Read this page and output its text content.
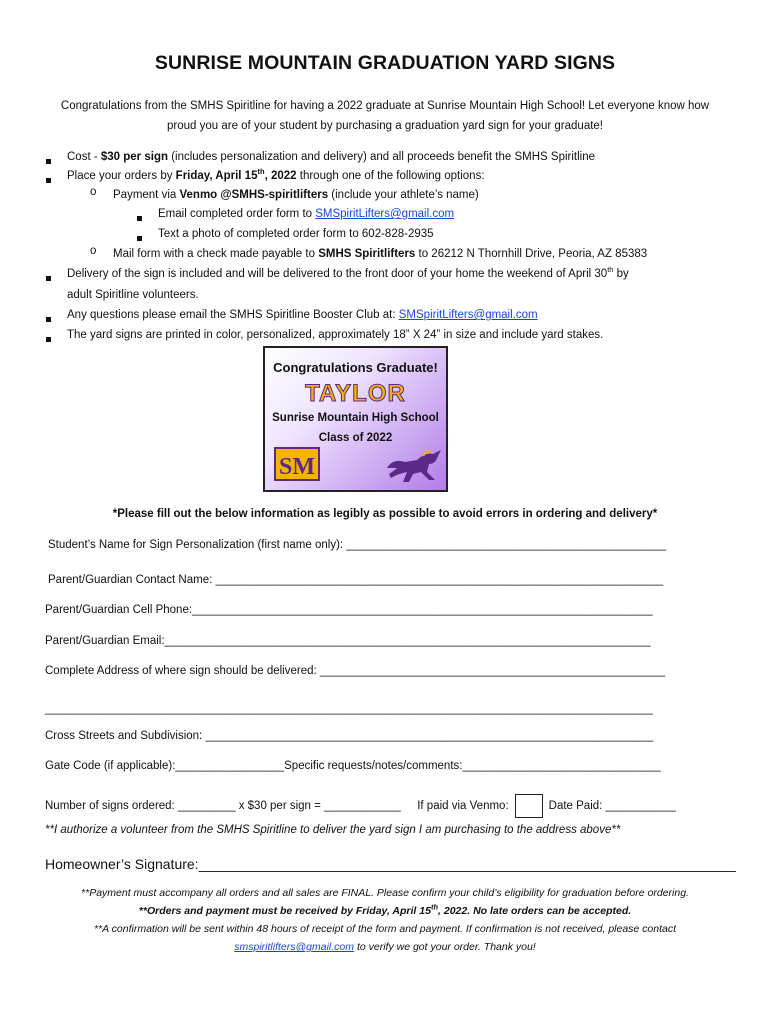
SUNRISE MOUNTAIN GRADUATION YARD SIGNS
Congratulations from the SMHS Spiritline for having a 2022 graduate at Sunrise Mountain High School! Let everyone know how proud you are of your student by purchasing a graduation yard sign for your graduate!
Cost - $30 per sign (includes personalization and delivery) and all proceeds benefit the SMHS Spiritline
Place your orders by Friday, April 15th, 2022 through one of the following options:
o Payment via Venmo @SMHS-spiritlifters (include your athlete’s name)
Email completed order form to SMSpiritLifters@gmail.com
Text a photo of completed order form to 602-828-2935
o Mail form with a check made payable to SMHS Spiritlifters to 26212 N Thornhill Drive, Peoria, AZ 85383
Delivery of the sign is included and will be delivered to the front door of your home the weekend of April 30th by
adult Spiritline volunteers.
Any questions please email the SMHS Spiritline Booster Club at: SMSpiritLifters@gmail.com
The yard signs are printed in color, personalized, approximately 18” X 24” in size and include yard stakes.
Congratulations Graduate!
TAYLOR
Sunrise Mountain High School
Class of 2022
SM
*Please fill out the below information as legibly as possible to avoid errors in ordering and delivery*
Student’s Name for Sign Personalization (first name only): __________________________________________________
Parent/Guardian Contact Name: ______________________________________________________________________
Parent/Guardian Cell Phone:________________________________________________________________________
Parent/Guardian Email:____________________________________________________________________________
Complete Address of where sign should be delivered: ______________________________________________________
_______________________________________________________________________________________________
Cross Streets and Subdivision: ______________________________________________________________________
Gate Code (if applicable):_________________Specific requests/notes/comments:_______________________________
Number of signs ordered: _________ x $30 per sign = ____________ If paid via Venmo:	Date Paid: ___________
**I authorize a volunteer from the SMHS Spiritline to deliver the yard sign I am purchasing to the address above**
Homeowner’s Signature:_____________________________________________________________________
**Payment must accompany all orders and all sales are FINAL. Please confirm your child’s eligibility for graduation before ordering.
**Orders and payment must be received by Friday, April 15th, 2022. No late orders can be accepted.
**A confirmation will be sent within 48 hours of receipt of the form and payment. If confirmation is not received, please contact
smspiritlifters@gmail.com to verify we got your order. Thank you!
